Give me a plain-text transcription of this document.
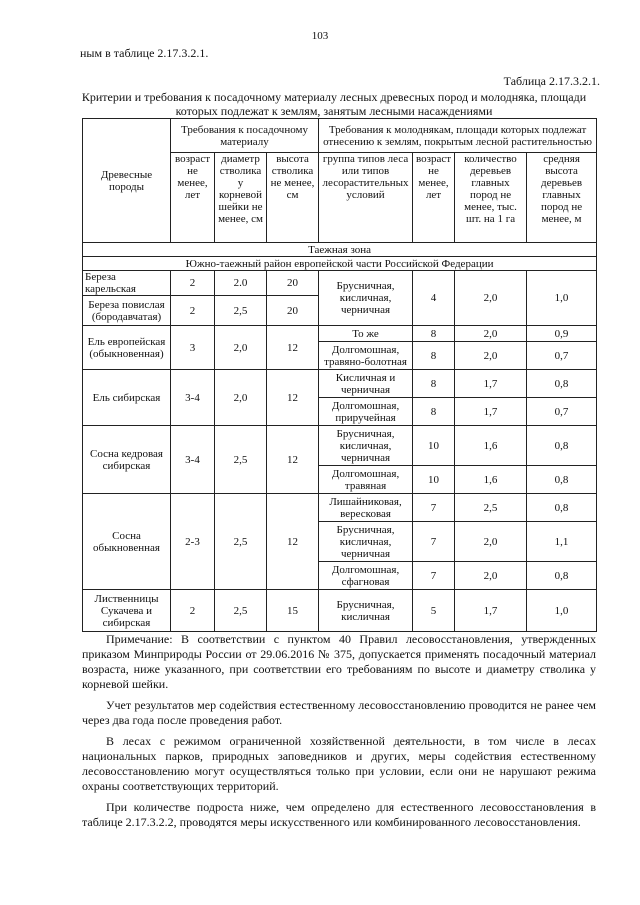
103
ным в таблице 2.17.3.2.1.
Таблица 2.17.3.2.1.
Критерии и требования к посадочному материалу лесных древесных пород и молодняка, площади которых подлежат к землям, занятым лесными насаждениями
Древесные породы	Требования к посадочному материалу			Требования к молоднякам, площади которых подлежат отнесению к землям, покрытым лесной растительностью			
	возраст не менее, лет	диаметр стволика у корневой шейки не менее, см	высота стволика не менее, см	группа типов леса или типов лесорастительных условий	возраст не менее, лет	количество деревьев главных пород не менее, тыс. шт. на 1 га	средняя высота деревьев главных пород не менее, м
Таежная зона							
Южно-таежный район европейской части Российской Федерации							
Береза карельская	2	2.0	20	Брусничная, кисличная, черничная	4	2,0	1,0
Береза повислая (бородавчатая)	2	2,5	20				
Ель европейская (обыкновенная)	3	2,0	12	То же	8	2,0	0,9
				Долгомошная, травяно-болотная	8	2,0	0,7
Ель сибирская	3-4	2,0	12	Кисличная и черничная	8	1,7	0,8
				Долгомошная, приручейная	8	1,7	0,7
Сосна кедровая сибирская	3-4	2,5	12	Брусничная, кисличная, черничная	10	1,6	0,8
				Долгомошная, травяная	10	1,6	0,8
Сосна обыкновенная	2-3	2,5	12	Лишайниковая, вересковая	7	2,5	0,8
				Брусничная, кисличная, черничная	7	2,0	1,1
				Долгомошная, сфагновая	7	2,0	0,8
Лиственницы Сукачева и сибирская	2	2,5	15	Брусничная, кисличная	5	1,7	1,0

Примечание: В соответствии с пунктом 40 Правил лесовосстановления, утвержденных приказом Минприроды России от 29.06.2016 № 375, допускается применять посадочный материал возраста, ниже указанного, при соответствии его требованиям по высоте и диаметру стволика у корневой шейки.

Учет результатов мер содействия естественному лесовосстановлению проводится не ранее чем через два года после проведения работ.

В лесах с режимом ограниченной хозяйственной деятельности, в том числе в лесах национальных парков, природных заповедников и других, меры содействия естественному лесовосстановлению могут осуществляться только при условии, если они не нарушают режима охраны соответствующих территорий.

При количестве подроста ниже, чем определено для естественного лесовосстановления в таблице 2.17.3.2.2, проводятся меры искусственного или комбинированного лесовосстановления.
